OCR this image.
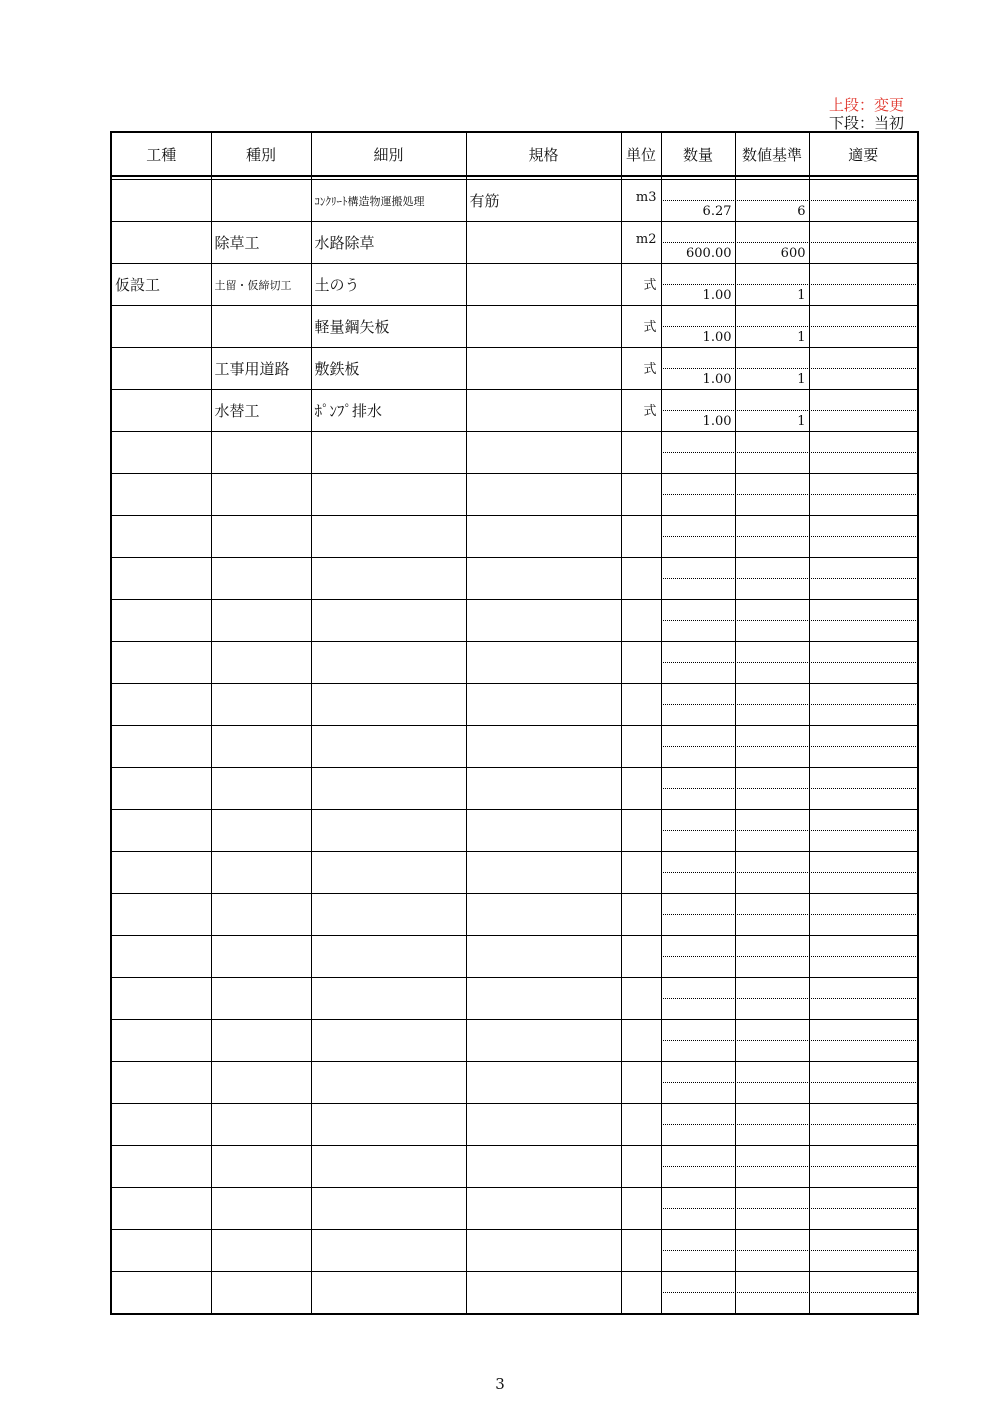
上段：変更
下段：当初
工種	種別	細別	規格	単位	数量	数値基準	適要

		ｺﾝｸﾘｰﾄ構造物運搬処理	有筋	m3	6.27	6	

	除草工	水路除草		m2	600.00	600	

仮設工	土留・仮締切工	土のう		式	1.00	1	

		軽量鋼矢板		式	1.00	1	

	工事用道路	敷鉄板		式	1.00	1	

	水替工	ﾎﾟﾝﾌﾟ排水		式	1.00	1	

3
